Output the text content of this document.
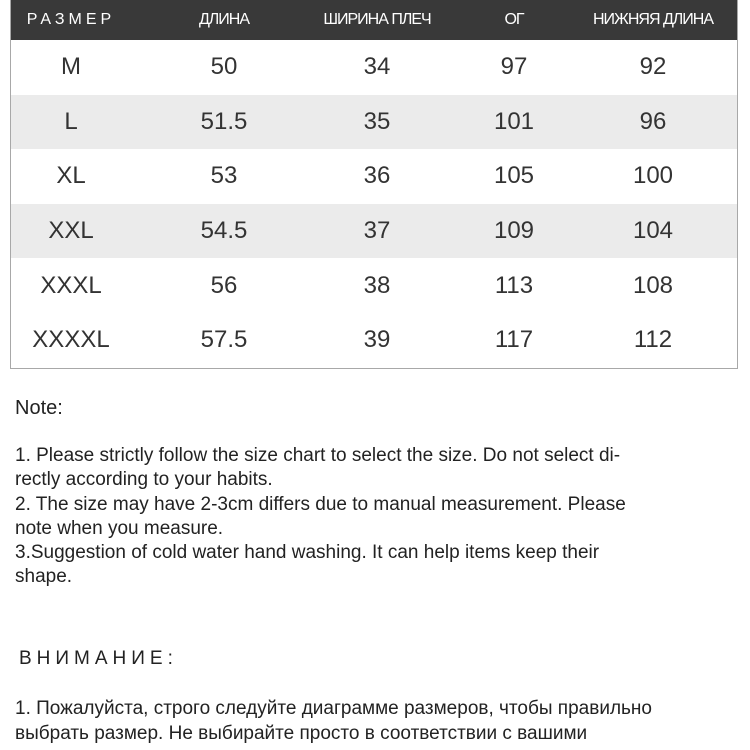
РАЗМЕР	ДЛИНА	ШИРИНА ПЛЕЧ	ОГ	НИЖНЯЯ ДЛИНА
M	50	34	97	92
L	51.5	35	101	96
XL	53	36	105	100
XXL	54.5	37	109	104
XXXL	56	38	113	108
XXXXL	57.5	39	117	112
Note:

1. Please strictly follow the size chart to select the size. Do not select di-

rectly according to your habits.

2. The size may have 2-3cm differs due to manual measurement. Please

note when you measure.

3.Suggestion of cold water hand washing. It can help items keep their

shape.

ВНИМАНИЕ:

1. Пожалуйста, строго следуйте диаграмме размеров, чтобы правильно

выбрать размер. Не выбирайте просто в соответствии с вашими
